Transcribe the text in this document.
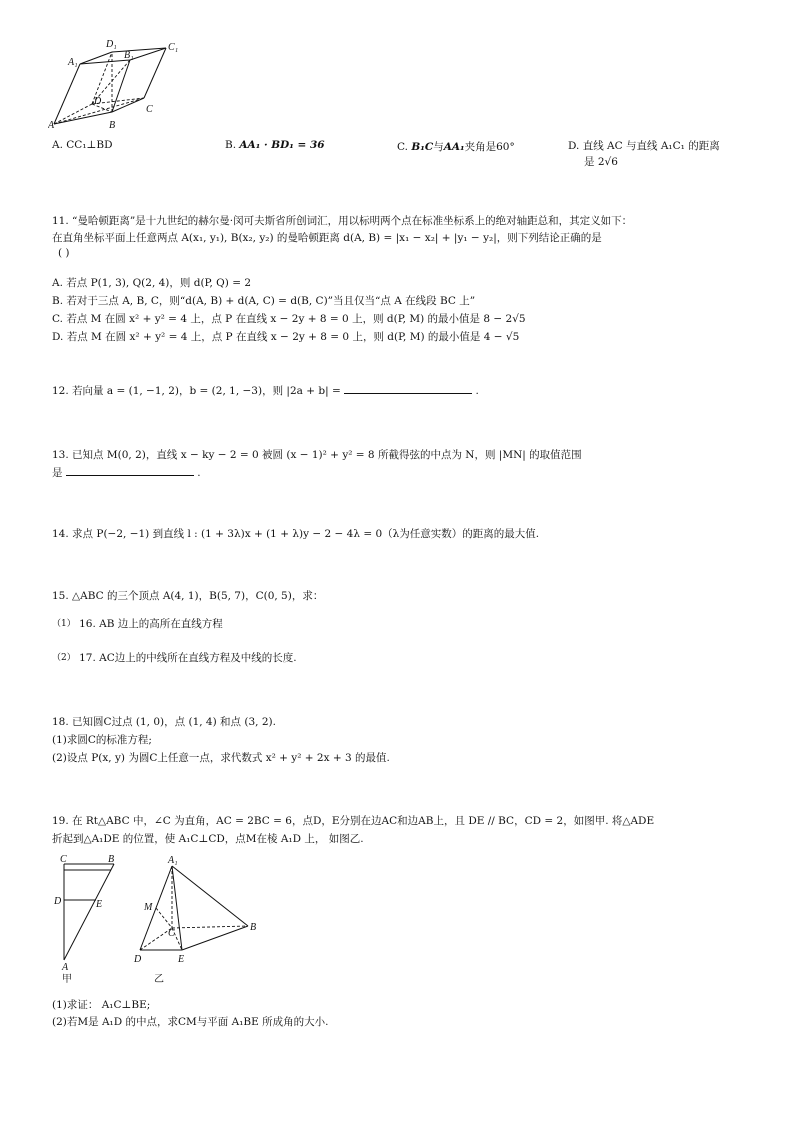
D₁	C₁
A₁
B₁
D
C
A	B
A. CC₁⊥BD	B. AA₁ · BD₁ = 36	C. B₁C与AA₁夹角是60°	D. 直线 AC 与直线 A₁C₁ 的距离
是 2√6
11. “曼哈顿距离”是十九世纪的赫尔曼·闵可夫斯省所创词汇，用以标明两个点在标准坐标系上的绝对轴距总和，其定义如下：
在直角坐标平面上任意两点 A(x₁, y₁), B(x₂, y₂) 的曼哈顿距离 d(A, B) = |x₁ − x₂| + |y₁ − y₂|，则下列结论正确的是
( )
A. 若点 P(1, 3), Q(2, 4)，则 d(P, Q) = 2
B. 若对于三点 A, B, C，则“d(A, B) + d(A, C) = d(B, C)”当且仅当“点 A 在线段 BC 上”
C. 若点 M 在圆 x² + y² = 4 上，点 P 在直线 x − 2y + 8 = 0 上，则 d(P, M) 的最小值是 8 − 2√5
D. 若点 M 在圆 x² + y² = 4 上，点 P 在直线 x − 2y + 8 = 0 上，则 d(P, M) 的最小值是 4 − √5
12. 若向量 a = (1, −1, 2)，b = (2, 1, −3)，则 |2a + b| =	.
13. 已知点 M(0, 2)，直线 x − ky − 2 = 0 被圆 (x − 1)² + y² = 8 所截得弦的中点为 N，则 |MN| 的取值范围
是	.
14. 求点 P(−2, −1) 到直线 l : (1 + 3λ)x + (1 + λ)y − 2 − 4λ = 0（λ为任意实数）的距离的最大值.
15. △ABC 的三个顶点 A(4, 1)，B(5, 7)，C(0, 5)，求：
（1） 16. AB 边上的高所在直线方程
（2） 17. AC边上的中线所在直线方程及中线的长度.
18. 已知圆C过点 (1, 0)，点 (1, 4) 和点 (3, 2).
(1)求圆C的标准方程;
(2)设点 P(x, y) 为圆C上任意一点，求代数式 x² + y² + 2x + 3 的最值.
19. 在 Rt△ABC 中，∠C 为直角，AC = 2BC = 6，点D，E分别在边AC和边AB上，且 DE // BC，CD = 2，如图甲. 将△ADE
折起到△A₁DE 的位置，使 A₁C⊥CD，点M在棱 A₁D 上， 如图乙.
C	B
D	E
A
甲
A₁
M
C
B
D	E
乙
(1)求证： A₁C⊥BE;
(2)若M是 A₁D 的中点，求CM与平面 A₁BE 所成角的大小.
